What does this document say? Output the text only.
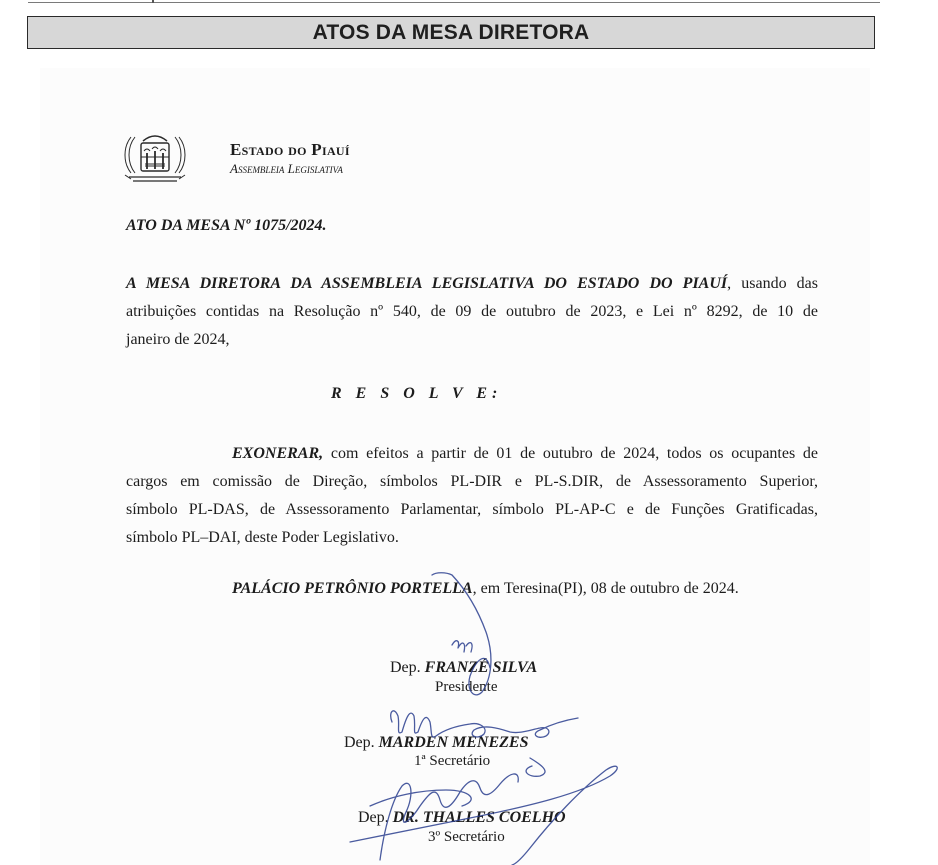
ATOS DA MESA DIRETORA
Estado do Piauí
Assembleia Legislativa
ATO DA MESA Nº 1075/2024.
A MESA DIRETORA DA ASSEMBLEIA LEGISLATIVA DO ESTADO DO PIAUÍ, usando das
atribuições contidas na Resolução nº 540, de 09 de outubro de 2023, e Lei nº 8292, de 10 de
janeiro de 2024,
R E S O L V E:
EXONERAR, com efeitos a partir de 01 de outubro de 2024, todos os ocupantes de
cargos em comissão de Direção, símbolos PL-DIR e PL-S.DIR, de Assessoramento Superior,
símbolo PL-DAS, de Assessoramento Parlamentar, símbolo PL-AP-C e de Funções Gratificadas,
símbolo PL–DAI, deste Poder Legislativo.
PALÁCIO PETRÔNIO PORTELLA, em Teresina(PI), 08 de outubro de 2024.
Dep. FRANZÉ SILVA
Presidente
Dep. MARDEN MENEZES
1ª Secretário
Dep. DR. THALLES COELHO
3º Secretário
